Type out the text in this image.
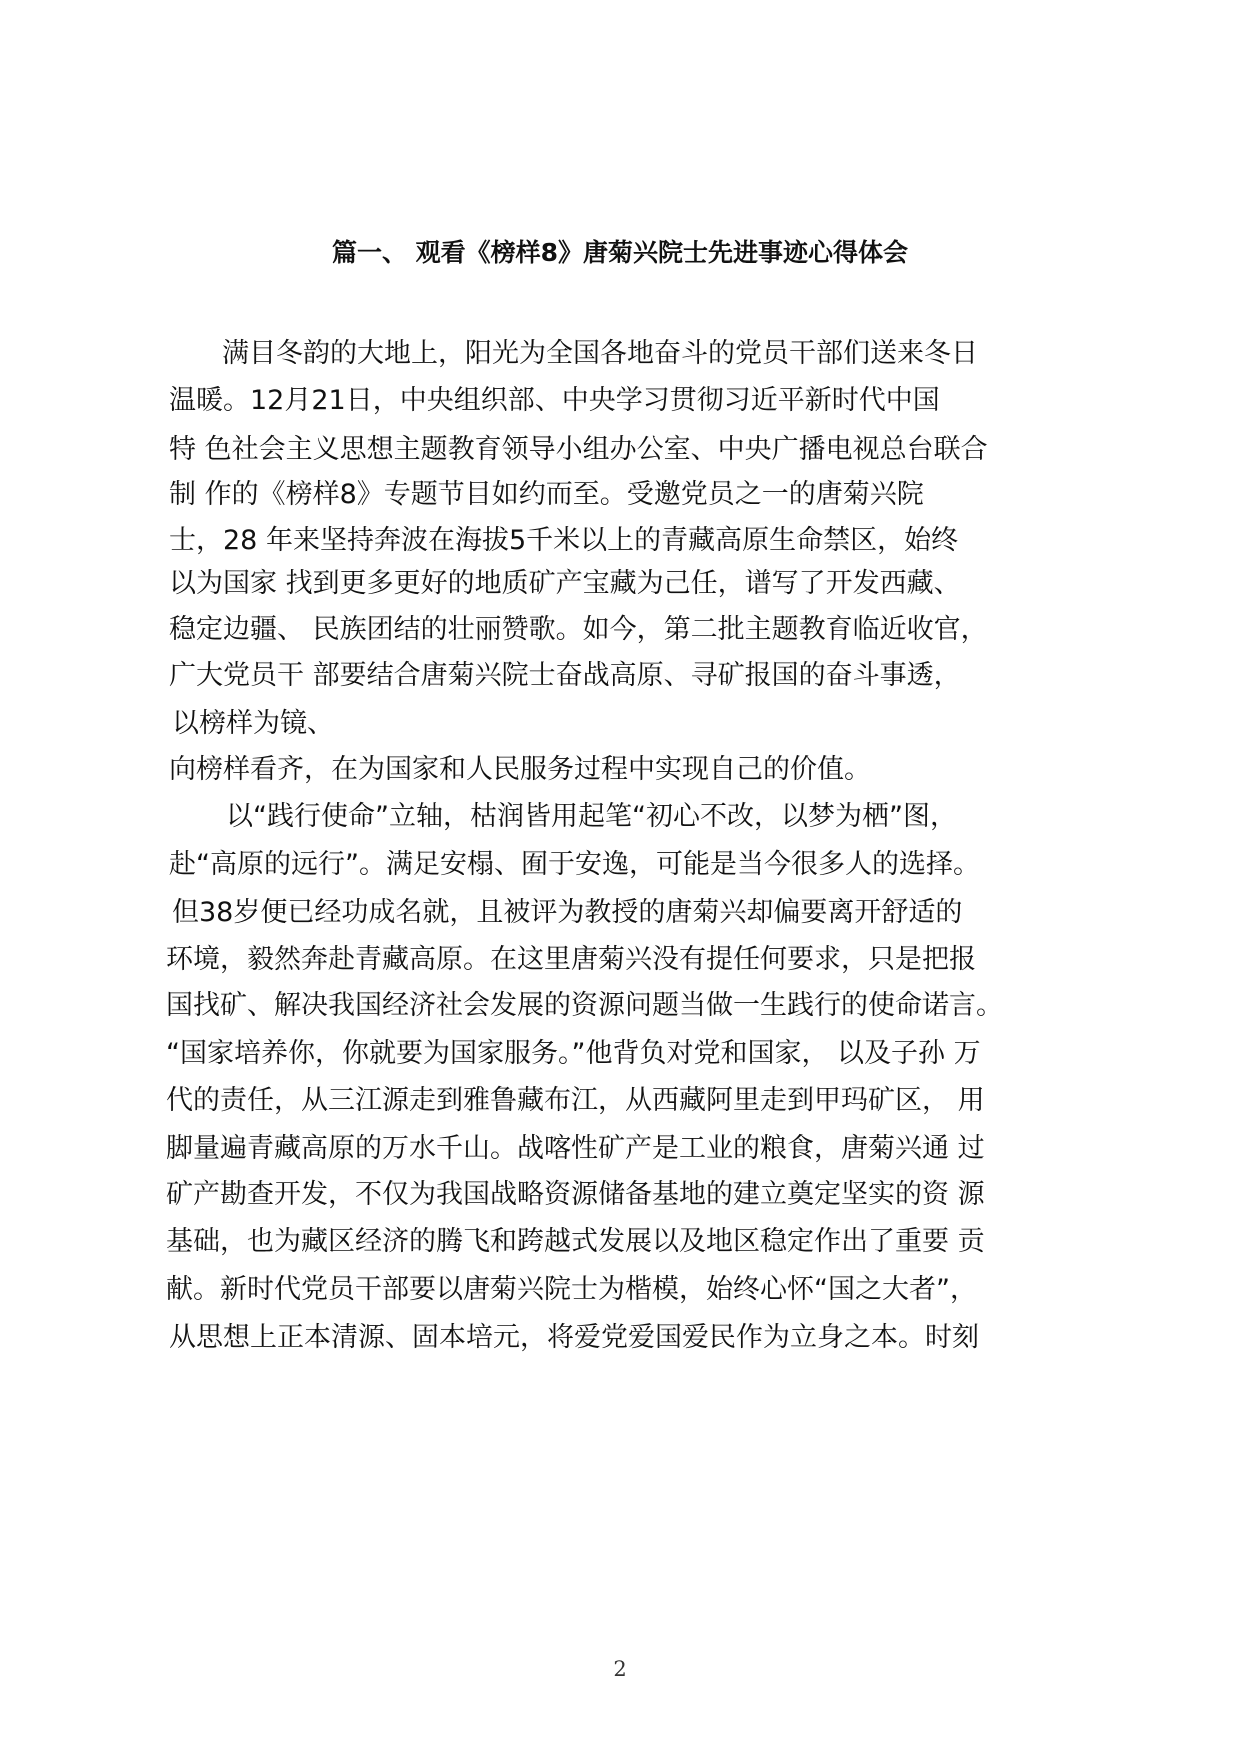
篇一、 观看《榜样8》唐菊兴院士先进事迹心得体会
满目冬韵的大地上，阳光为全国各地奋斗的党员干部们送来冬日
温暖。12月21日，中央组织部、中央学习贯彻习近平新时代中国
特 色社会主义思想主题教育领导小组办公室、中央广播电视总台联合
制 作的《榜样8》专题节目如约而至。受邀党员之一的唐菊兴院
士，28 年来坚持奔波在海拔5千米以上的青藏高原生命禁区，始终
以为国家 找到更多更好的地质矿产宝藏为己任，谱写了开发西藏、
稳定边疆、 民族团结的壮丽赞歌。如今，第二批主题教育临近收官，
广大党员干 部要结合唐菊兴院士奋战高原、寻矿报国的奋斗事透，
以榜样为镜、
向榜样看齐，在为国家和人民服务过程中实现自己的价值。
以“践行使命”立轴，枯润皆用起笔“初心不改，以梦为栖”图，
赴“高原的远行”。满足安榻、囿于安逸，可能是当今很多人的选择。
但38岁便已经功成名就，且被评为教授的唐菊兴却偏要离开舒适的
环境，毅然奔赴青藏高原。在这里唐菊兴没有提任何要求，只是把报
国找矿、解决我国经济社会发展的资源问题当做一生践行的使命诺言。
“国家培养你，你就要为国家服务。”他背负对党和国家， 以及子孙 万
代的责任，从三江源走到雅鲁藏布江，从西藏阿里走到甲玛矿区， 用
脚量遍青藏高原的万水千山。战喀性矿产是工业的粮食，唐菊兴通 过
矿产勘查开发，不仅为我国战略资源储备基地的建立奠定坚实的资 源
基础，也为藏区经济的腾飞和跨越式发展以及地区稳定作出了重要 贡
献。新时代党员干部要以唐菊兴院士为楷模，始终心怀“国之大者”，
从思想上正本清源、固本培元，将爱党爱国爱民作为立身之本。时刻
2
